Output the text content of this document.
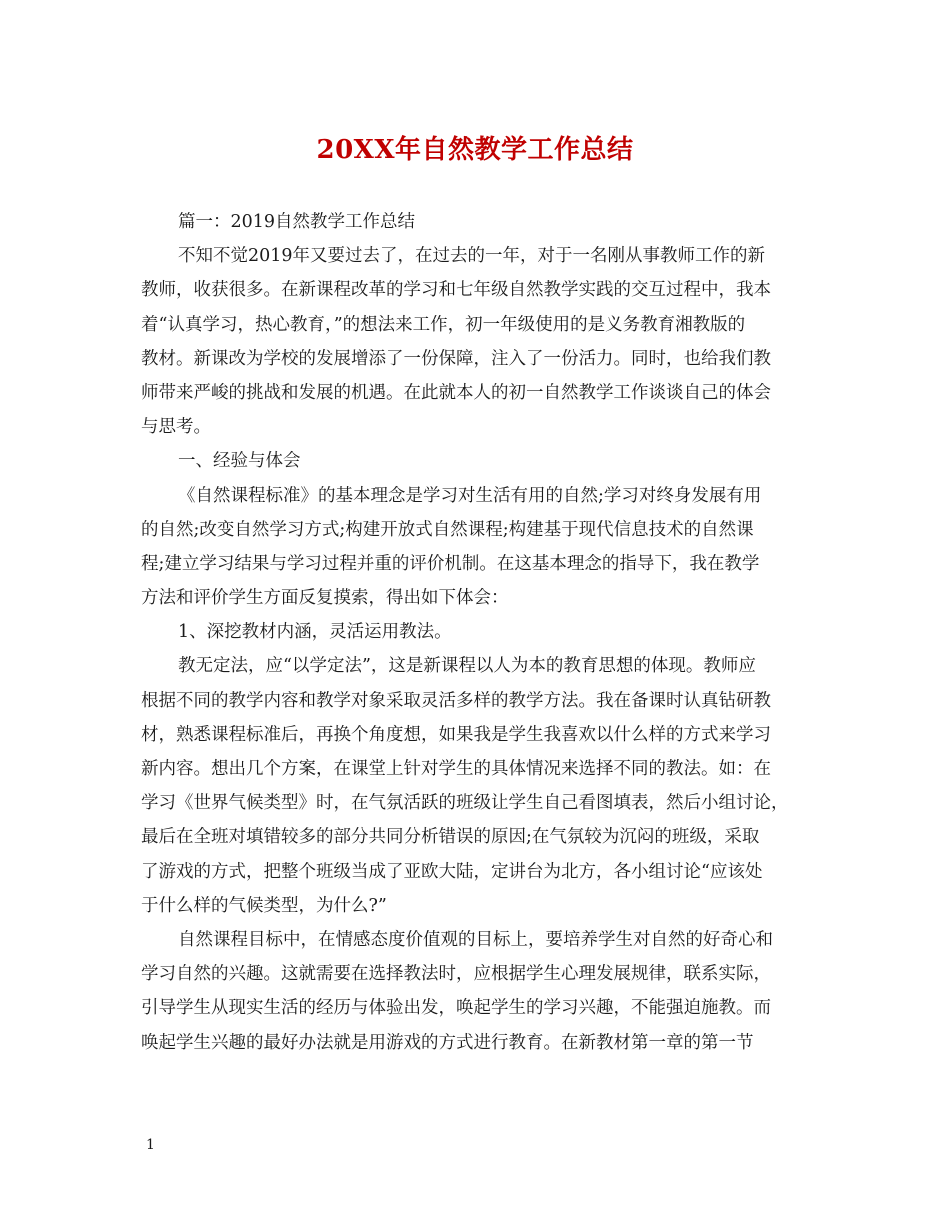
20XX年自然教学工作总结
篇一：2019自然教学工作总结
不知不觉2019年又要过去了，在过去的一年，对于一名刚从事教师工作的新
教师，收获很多。在新课程改革的学习和七年级自然教学实践的交互过程中，我本
着“认真学习，热心教育，”的想法来工作，初一年级使用的是义务教育湘教版的
教材。新课改为学校的发展增添了一份保障，注入了一份活力。同时，也给我们教
师带来严峻的挑战和发展的机遇。在此就本人的初一自然教学工作谈谈自己的体会
与思考。
一、经验与体会
《自然课程标准》的基本理念是学习对生活有用的自然;学习对终身发展有用
的自然;改变自然学习方式;构建开放式自然课程;构建基于现代信息技术的自然课
程;建立学习结果与学习过程并重的评价机制。在这基本理念的指导下，我在教学
方法和评价学生方面反复摸索，得出如下体会：
1、深挖教材内涵，灵活运用教法。
教无定法，应“以学定法”，这是新课程以人为本的教育思想的体现。教师应
根据不同的教学内容和教学对象采取灵活多样的教学方法。我在备课时认真钻研教
材，熟悉课程标准后，再换个角度想，如果我是学生我喜欢以什么样的方式来学习
新内容。想出几个方案，在课堂上针对学生的具体情况来选择不同的教法。如：在
学习《世界气候类型》时，在气氛活跃的班级让学生自己看图填表，然后小组讨论，
最后在全班对填错较多的部分共同分析错误的原因;在气氛较为沉闷的班级，采取
了游戏的方式，把整个班级当成了亚欧大陆，定讲台为北方，各小组讨论“应该处
于什么样的气候类型，为什么?”
自然课程目标中，在情感态度价值观的目标上，要培养学生对自然的好奇心和
学习自然的兴趣。这就需要在选择教法时，应根据学生心理发展规律，联系实际，
引导学生从现实生活的经历与体验出发，唤起学生的学习兴趣，不能强迫施教。而
唤起学生兴趣的最好办法就是用游戏的方式进行教育。在新教材第一章的第一节
1
